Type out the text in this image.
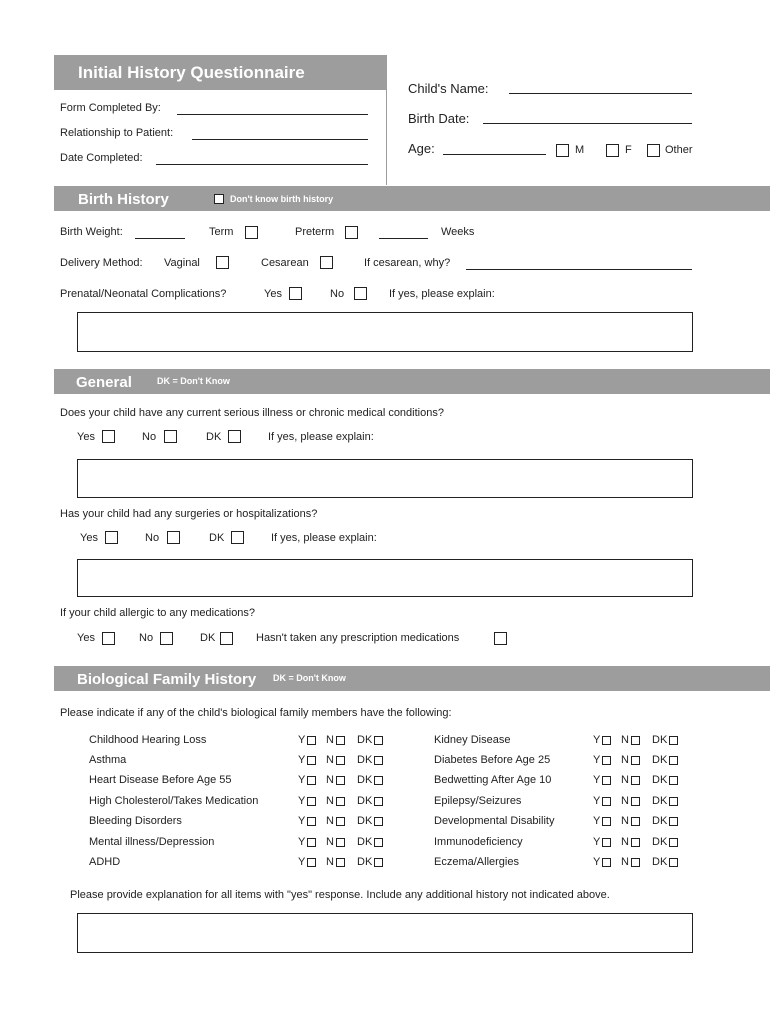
Initial History Questionnaire
Form Completed By:
Relationship to Patient:
Date Completed:
Child's Name:
Birth Date:
Age:	M	F	Other
Birth History	Don't know birth history
Birth Weight:	Term	Preterm	Weeks
Delivery Method: Vaginal	Cesarean	If cesarean, why?
Prenatal/Neonatal Complications?	Yes	No	If yes, please explain:
General	DK = Don't Know
Does your child have any current serious illness or chronic medical conditions?
Yes	No	DK	If yes, please explain:
Has your child had any surgeries or hospitalizations?
Yes	No	DK	If yes, please explain:
If your child allergic to any medications?
Yes	No	DK	Hasn't taken any prescription medications
Biological Family History DK = Don't Know
Please indicate if any of the child's biological family members have the following:
Childhood Hearing Loss	Y N DK	Kidney Disease	Y N DK
Asthma	Y N DK	Diabetes Before Age 25	Y N DK
Heart Disease Before Age 55	Y N DK	Bedwetting After Age 10	Y N DK
High Cholesterol/Takes Medication	Y N DK	Epilepsy/Seizures	Y N DK
Bleeding Disorders	Y N DK	Developmental Disability	Y N DK
Mental illness/Depression	Y N DK	Immunodeficiency	Y N DK
ADHD	Y N DK	Eczema/Allergies	Y N DK
Please provide explanation for all items with "yes" response. Include any additional history not indicated above.
